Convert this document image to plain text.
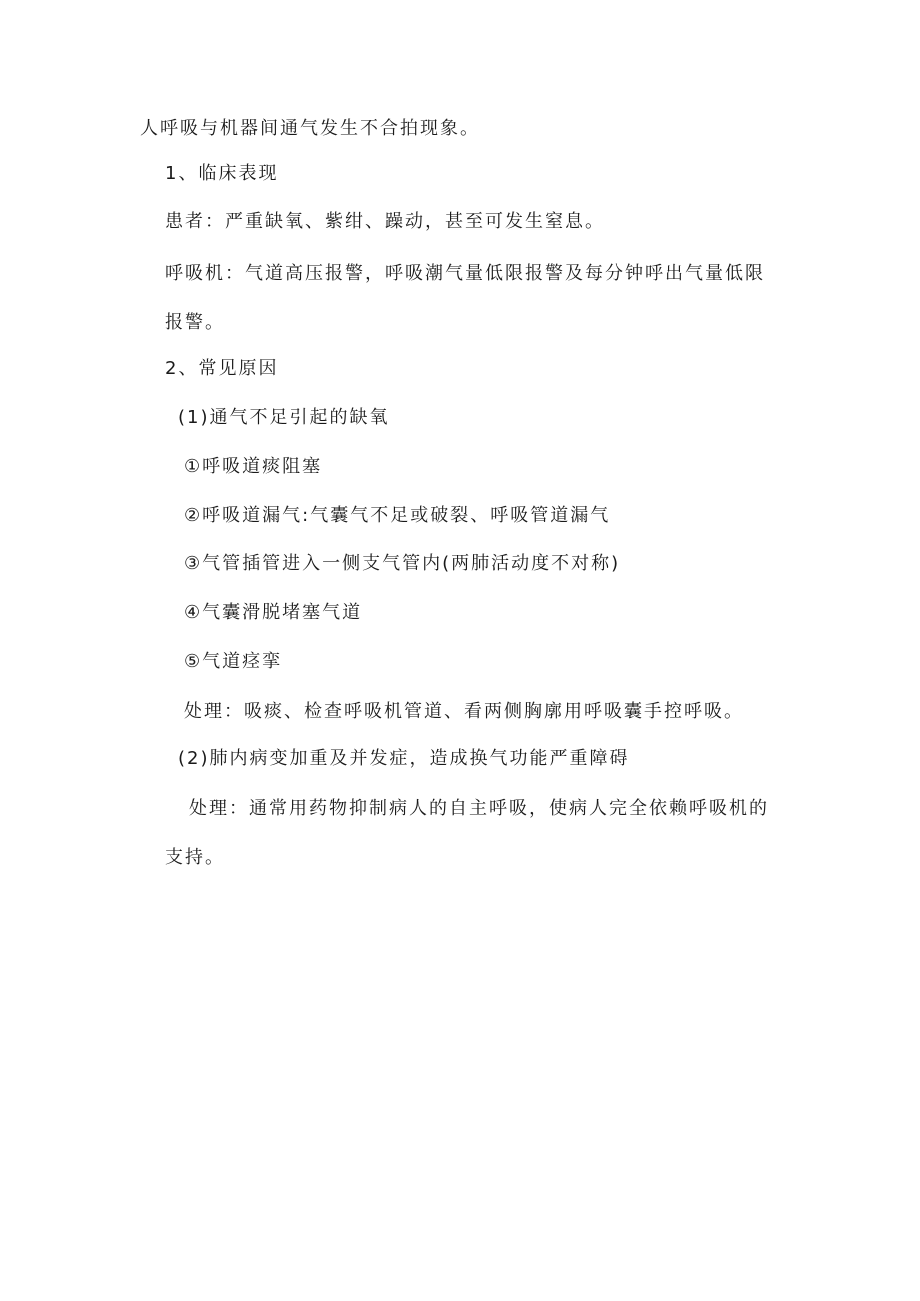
人呼吸与机器间通气发生不合拍现象。
1、临床表现
患者：严重缺氧、紫绀、躁动，甚至可发生窒息。
呼吸机：气道高压报警，呼吸潮气量低限报警及每分钟呼出气量低限
报警。
2、常见原因
(1)通气不足引起的缺氧
①呼吸道痰阻塞
②呼吸道漏气:气囊气不足或破裂、呼吸管道漏气
③气管插管进入一侧支气管内(两肺活动度不对称)
④气囊滑脱堵塞气道
⑤气道痉挛
处理：吸痰、检查呼吸机管道、看两侧胸廓用呼吸囊手控呼吸。
(2)肺内病变加重及并发症，造成换气功能严重障碍
处理：通常用药物抑制病人的自主呼吸，使病人完全依赖呼吸机的
支持。
